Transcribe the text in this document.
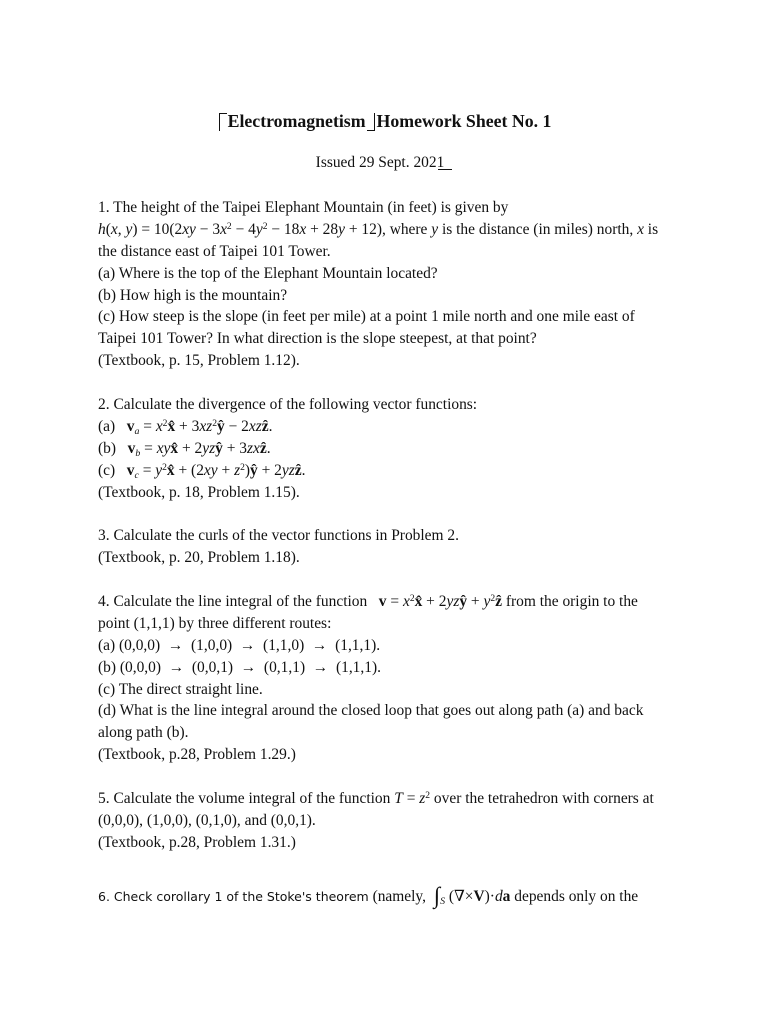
Electromagnetism Homework Sheet No. 1
Issued 29 Sept. 2021
1. The height of the Taipei Elephant Mountain (in feet) is given by
h(x, $y) = 10(2xy - 3x^2 - 4y^2 - 18x + 28y + 12)$, where y is the distance (in miles) north, x is
the distance east of Taipei 101 Tower.
(a) Where is the top of the Elephant Mountain located?
(b) How high is the mountain?
(c) How steep is the slope (in feet per mile) at a point 1 mile north and one mile east of
Taipei 101 Tower? In what direction is the slope steepest, at that point?
(Textbook, p. 15, Problem 1.12).
2. Calculate the divergence of the following vector functions:
(a)   va = $x^2x̂$ + $3xz^2ŷ$ − 2xzẑ.
(b)   vb = xyx̂ + 2yzŷ + 3zxẑ.
(c)   vc = $y^2x̂ + (2xy$ + $z^2)ŷ$ + 2yzẑ.
(Textbook, p. 18, Problem 1.15).
3. Calculate the curls of the vector functions in Problem 2.
(Textbook, p. 20, Problem 1.18).
4. Calculate the line integral of the function   $v = x^2x̂$ + 2yzŷ + $y^2ẑ$ from the origin to the
point (1,1,1) by three different routes:
(a) (0,0,0)  →  (1,0,0)  →  (1,1,0)  →  (1,1,1).
(b) (0,0,0)  →  (0,0,1)  →  (0,1,1)  →  (1,1,1).
(c) The direct straight line.
(d) What is the line integral around the closed loop that goes out along path (a) and back
along path (b).
(Textbook, p.28, Problem 1.29.)
5. Calculate the volume integral of the function $T = z^2$ over the tetrahedron with corners at
(0,0,0), (1,0,0), (0,1,0), and (0,0,1).
(Textbook, p.28, Problem 1.31.)
6. Check corollary 1 of the Stoke's theorem (namely,  ∫S (∇×V)·da depends only on the
